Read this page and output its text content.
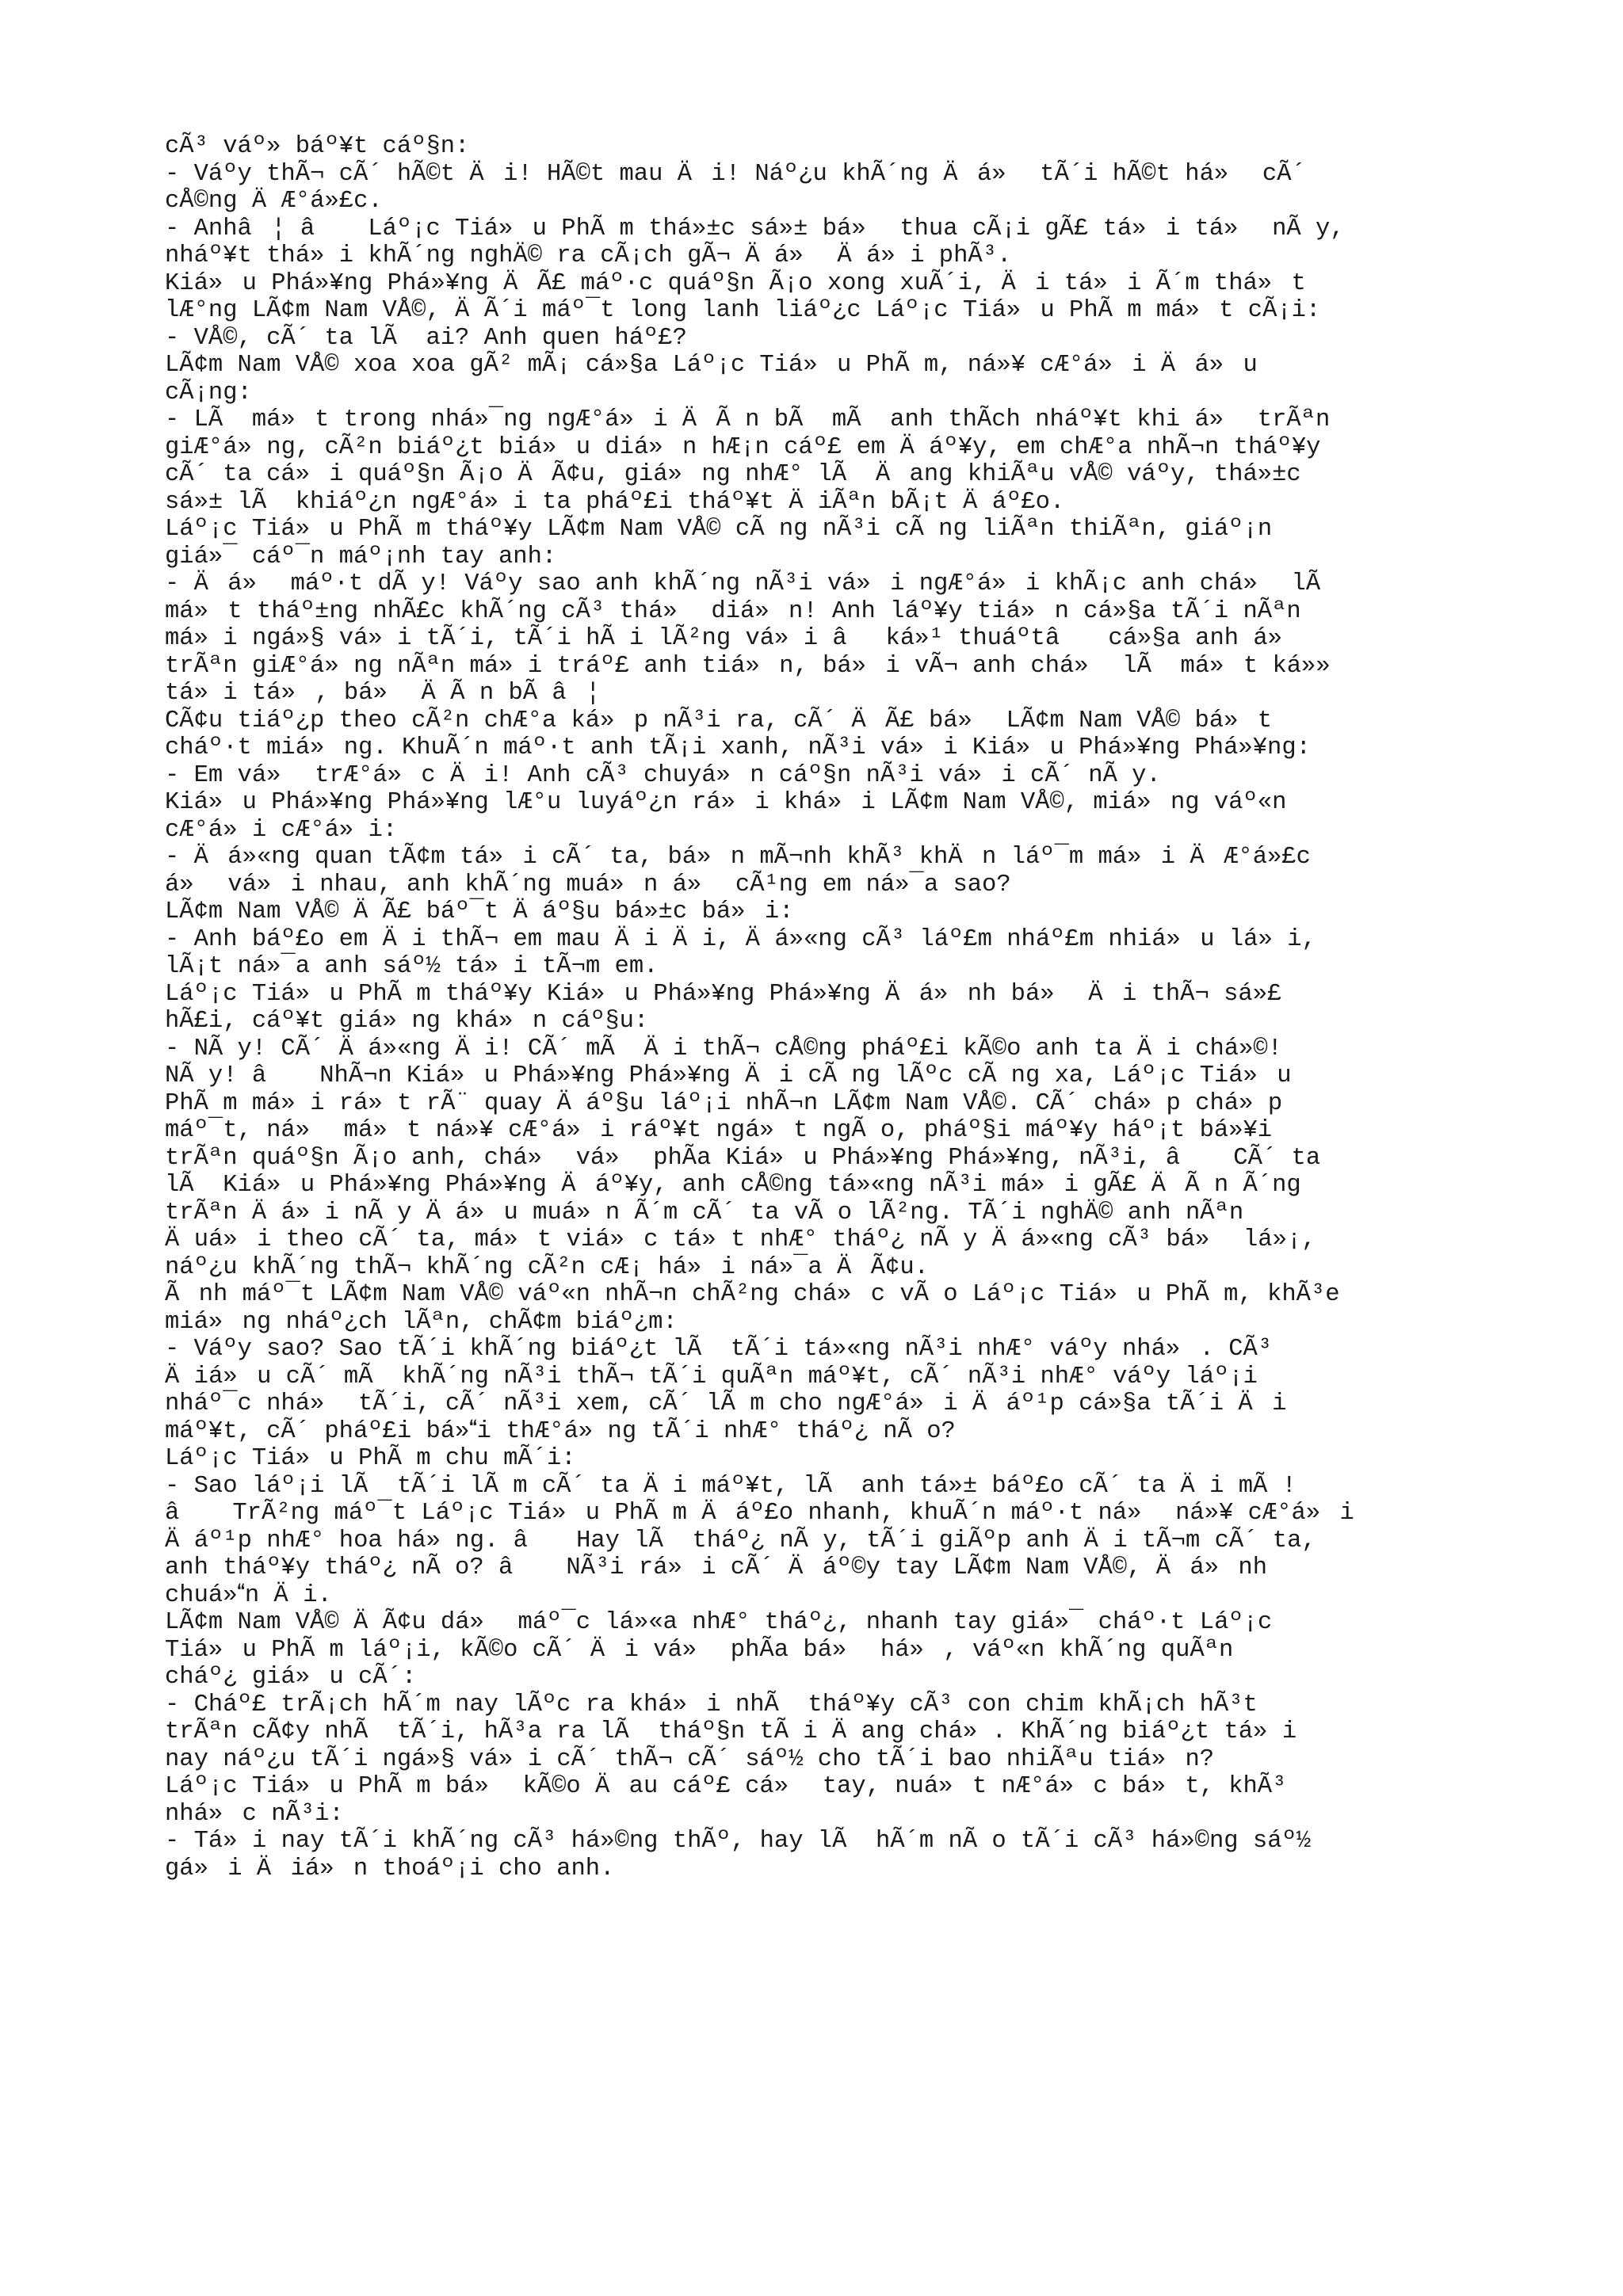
cÃ³ váº» báº¥t cáº§n:
- Váºy thÃ¬ cÃ´ hÃ©t Äi! HÃ©t mau Äi! Náº¿u khÃ´ng Äá» tÃ´i hÃ©t há» cÃ´
cÅ©ng ÄÆ°á»£c.
- Anhâ¦ â Láº¡c Tiá»u PhÃ m thá»±c sá»± bá» thua cÃ¡i gÃ£ tá»i tá» nÃ y,
nháº¥t thá»i khÃ´ng nghÄ© ra cÃ¡ch gÃ¬ Äá» Äá»i phÃ³.
Kiá»u Phá»¥ng Phá»¥ng ÄÃ£ máº·c quáº§n Ã¡o xong xuÃ´i, Äi tá»i Ã´m thá»t
lÆ°ng LÃ¢m Nam VÅ©, ÄÃ´i máº¯t long lanh liáº¿c Láº¡c Tiá»u PhÃ m má»t cÃ¡i:
- VÅ©, cÃ´ ta lÃ  ai? Anh quen háº£?
LÃ¢m Nam VÅ© xoa xoa gÃ² mÃ¡ cá»§a Láº¡c Tiá»u PhÃ m, ná»¥ cÆ°á»i Äá»u
cÃ¡ng:
- LÃ  má»t trong nhá»¯ng ngÆ°á»i ÄÃ n bÃ  mÃ  anh thÃch nháº¥t khi á» trÃªn
giÆ°á»ng, cÃ²n biáº¿t biá»u diá»n hÆ¡n cáº£ em Äáº¥y, em chÆ°a nhÃ¬n tháº¥y
cÃ´ ta cá»i quáº§n Ã¡o ÄÃ¢u, giá»ng nhÆ° lÃ  Äang khiÃªu vÅ© váºy, thá»±c
sá»± lÃ  khiáº¿n ngÆ°á»i ta pháº£i tháº¥t ÄiÃªn bÃ¡t Äáº£o.
Láº¡c Tiá»u PhÃ m tháº¥y LÃ¢m Nam VÅ© cÃ ng nÃ³i cÃ ng liÃªn thiÃªn, giáº¡n
giá»¯ cáº¯n máº¡nh tay anh:
- Äá» máº·t dÃ y! Váºy sao anh khÃ´ng nÃ³i vá»i ngÆ°á»i khÃ¡c anh chá» lÃ
má»t tháº±ng nhÃ£c khÃ´ng cÃ³ thá» diá»n! Anh láº¥y tiá»n cá»§a tÃ´i nÃªn
má»i ngá»§ vá»i tÃ´i, tÃ´i hÃ i lÃ²ng vá»i âká»¹ thuáºtâ cá»§a anh á»
trÃªn giÆ°á»ng nÃªn má»i tráº£ anh tiá»n, bá»i vÃ¬ anh chá» lÃ  má»t ká»»
tá»i tá», bá» ÄÃ n bÃ â¦
CÃ¢u tiáº¿p theo cÃ²n chÆ°a ká»p nÃ³i ra, cÃ´ ÄÃ£ bá» LÃ¢m Nam VÅ© bá»t
cháº·t miá»ng. KhuÃ´n máº·t anh tÃ¡i xanh, nÃ³i vá»i Kiá»u Phá»¥ng Phá»¥ng:
- Em vá» trÆ°á»c Äi! Anh cÃ³ chuyá»n cáº§n nÃ³i vá»i cÃ´ nÃ y.
Kiá»u Phá»¥ng Phá»¥ng lÆ°u luyáº¿n rá»i khá»i LÃ¢m Nam VÅ©, miá»ng váº«n
cÆ°á»i cÆ°á»i:
- Äá»«ng quan tÃ¢m tá»i cÃ´ ta, bá»n mÃ¬nh khÃ³ khÄn láº¯m má»i ÄÆ°á»£c
á» vá»i nhau, anh khÃ´ng muá»n á» cÃ¹ng em ná»¯a sao?
LÃ¢m Nam VÅ© ÄÃ£ báº¯t Äáº§u bá»±c bá»i:
- Anh báº£o em Äi thÃ¬ em mau Äi Äi, Äá»«ng cÃ³ láº£m nháº£m nhiá»u lá»i,
lÃ¡t ná»¯a anh sáº½ tá»i tÃ¬m em.
Láº¡c Tiá»u PhÃ m tháº¥y Kiá»u Phá»¥ng Phá»¥ng Äá»nh bá» Äi thÃ¬ sá»£
hÃ£i, cáº¥t giá»ng khá»n cáº§u:
- NÃ y! CÃ´ Äá»«ng Äi! CÃ´ mÃ  Äi thÃ¬ cÅ©ng pháº£i kÃ©o anh ta Äi chá»©!
NÃ y! â NhÃ¬n Kiá»u Phá»¥ng Phá»¥ng Äi cÃ ng lÃºc cÃ ng xa, Láº¡c Tiá»u
PhÃ m má»i rá»t rÃ¨ quay Äáº§u láº¡i nhÃ¬n LÃ¢m Nam VÅ©. CÃ´ chá»p chá»p
máº¯t, ná» má»t ná»¥ cÆ°á»i ráº¥t ngá»t ngÃ o, pháº§i máº¥y háº¡t bá»¥i
trÃªn quáº§n Ã¡o anh, chá» vá» phÃa Kiá»u Phá»¥ng Phá»¥ng, nÃ³i, â CÃ´ ta
lÃ  Kiá»u Phá»¥ng Phá»¥ng Äáº¥y, anh cÅ©ng tá»«ng nÃ³i má»i gÃ£ ÄÃ n Ã´ng
trÃªn Äá»i nÃ y Äá»u muá»n Ã´m cÃ´ ta vÃ o lÃ²ng. TÃ´i nghÄ© anh nÃªn
Äuá»i theo cÃ´ ta, má»t viá»c tá»t nhÆ° tháº¿ nÃ y Äá»«ng cÃ³ bá» lá»¡,
náº¿u khÃ´ng thÃ¬ khÃ´ng cÃ²n cÆ¡ há»i ná»¯a ÄÃ¢u.
Ãnh máº¯t LÃ¢m Nam VÅ© váº«n nhÃ¬n chÃ²ng chá»c vÃ o Láº¡c Tiá»u PhÃ m, khÃ³e
miá»ng nháº¿ch lÃªn, chÃ¢m biáº¿m:
- Váºy sao? Sao tÃ´i khÃ´ng biáº¿t lÃ  tÃ´i tá»«ng nÃ³i nhÆ° váºy nhá». CÃ³
Äiá»u cÃ´ mÃ  khÃ´ng nÃ³i thÃ¬ tÃ´i quÃªn máº¥t, cÃ´ nÃ³i nhÆ° váºy láº¡i
nháº¯c nhá» tÃ´i, cÃ´ nÃ³i xem, cÃ´ lÃ m cho ngÆ°á»i Äáº¹p cá»§a tÃ´i Äi
máº¥t, cÃ´ pháº£i bá»i thÆ°á»ng tÃ´i nhÆ° tháº¿ nÃ o?
Láº¡c Tiá»u PhÃ m chu mÃ´i:
- Sao láº¡i lÃ  tÃ´i lÃ m cÃ´ ta Äi máº¥t, lÃ  anh tá»± báº£o cÃ´ ta Äi mÃ !
â TrÃ²ng máº¯t Láº¡c Tiá»u PhÃ m Äáº£o nhanh, khuÃ´n máº·t ná» ná»¥ cÆ°á»i
Äáº¹p nhÆ° hoa há»ng. â Hay lÃ  tháº¿ nÃ y, tÃ´i giÃºp anh Äi tÃ¬m cÃ´ ta,
anh tháº¥y tháº¿ nÃ o? â NÃ³i rá»i cÃ´ Äáº©y tay LÃ¢m Nam VÅ©, Äá»nh
chuá»n Äi.
LÃ¢m Nam VÅ© ÄÃ¢u dá» máº¯c lá»«a nhÆ° tháº¿, nhanh tay giá»¯ cháº·t Láº¡c
Tiá»u PhÃ m láº¡i, kÃ©o cÃ´ Äi vá» phÃa bá» há», váº«n khÃ´ng quÃªn
cháº¿ giá»u cÃ´:
- Cháº£ trÃ¡ch hÃ´m nay lÃºc ra khá»i nhÃ  tháº¥y cÃ³ con chim khÃ¡ch hÃ³t
trÃªn cÃ¢y nhÃ  tÃ´i, hÃ³a ra lÃ  tháº§n tÃ i Äang chá». KhÃ´ng biáº¿t tá»i
nay náº¿u tÃ´i ngá»§ vá»i cÃ´ thÃ¬ cÃ´ sáº½ cho tÃ´i bao nhiÃªu tiá»n?
Láº¡c Tiá»u PhÃ m bá» kÃ©o Äau cáº£ cá» tay, nuá»t nÆ°á»c bá»t, khÃ³
nhá»c nÃ³i:
- Tá»i nay tÃ´i khÃ´ng cÃ³ há»©ng thÃº, hay lÃ  hÃ´m nÃ o tÃ´i cÃ³ há»©ng sáº½
gá»i Äiá»n thoáº¡i cho anh.
